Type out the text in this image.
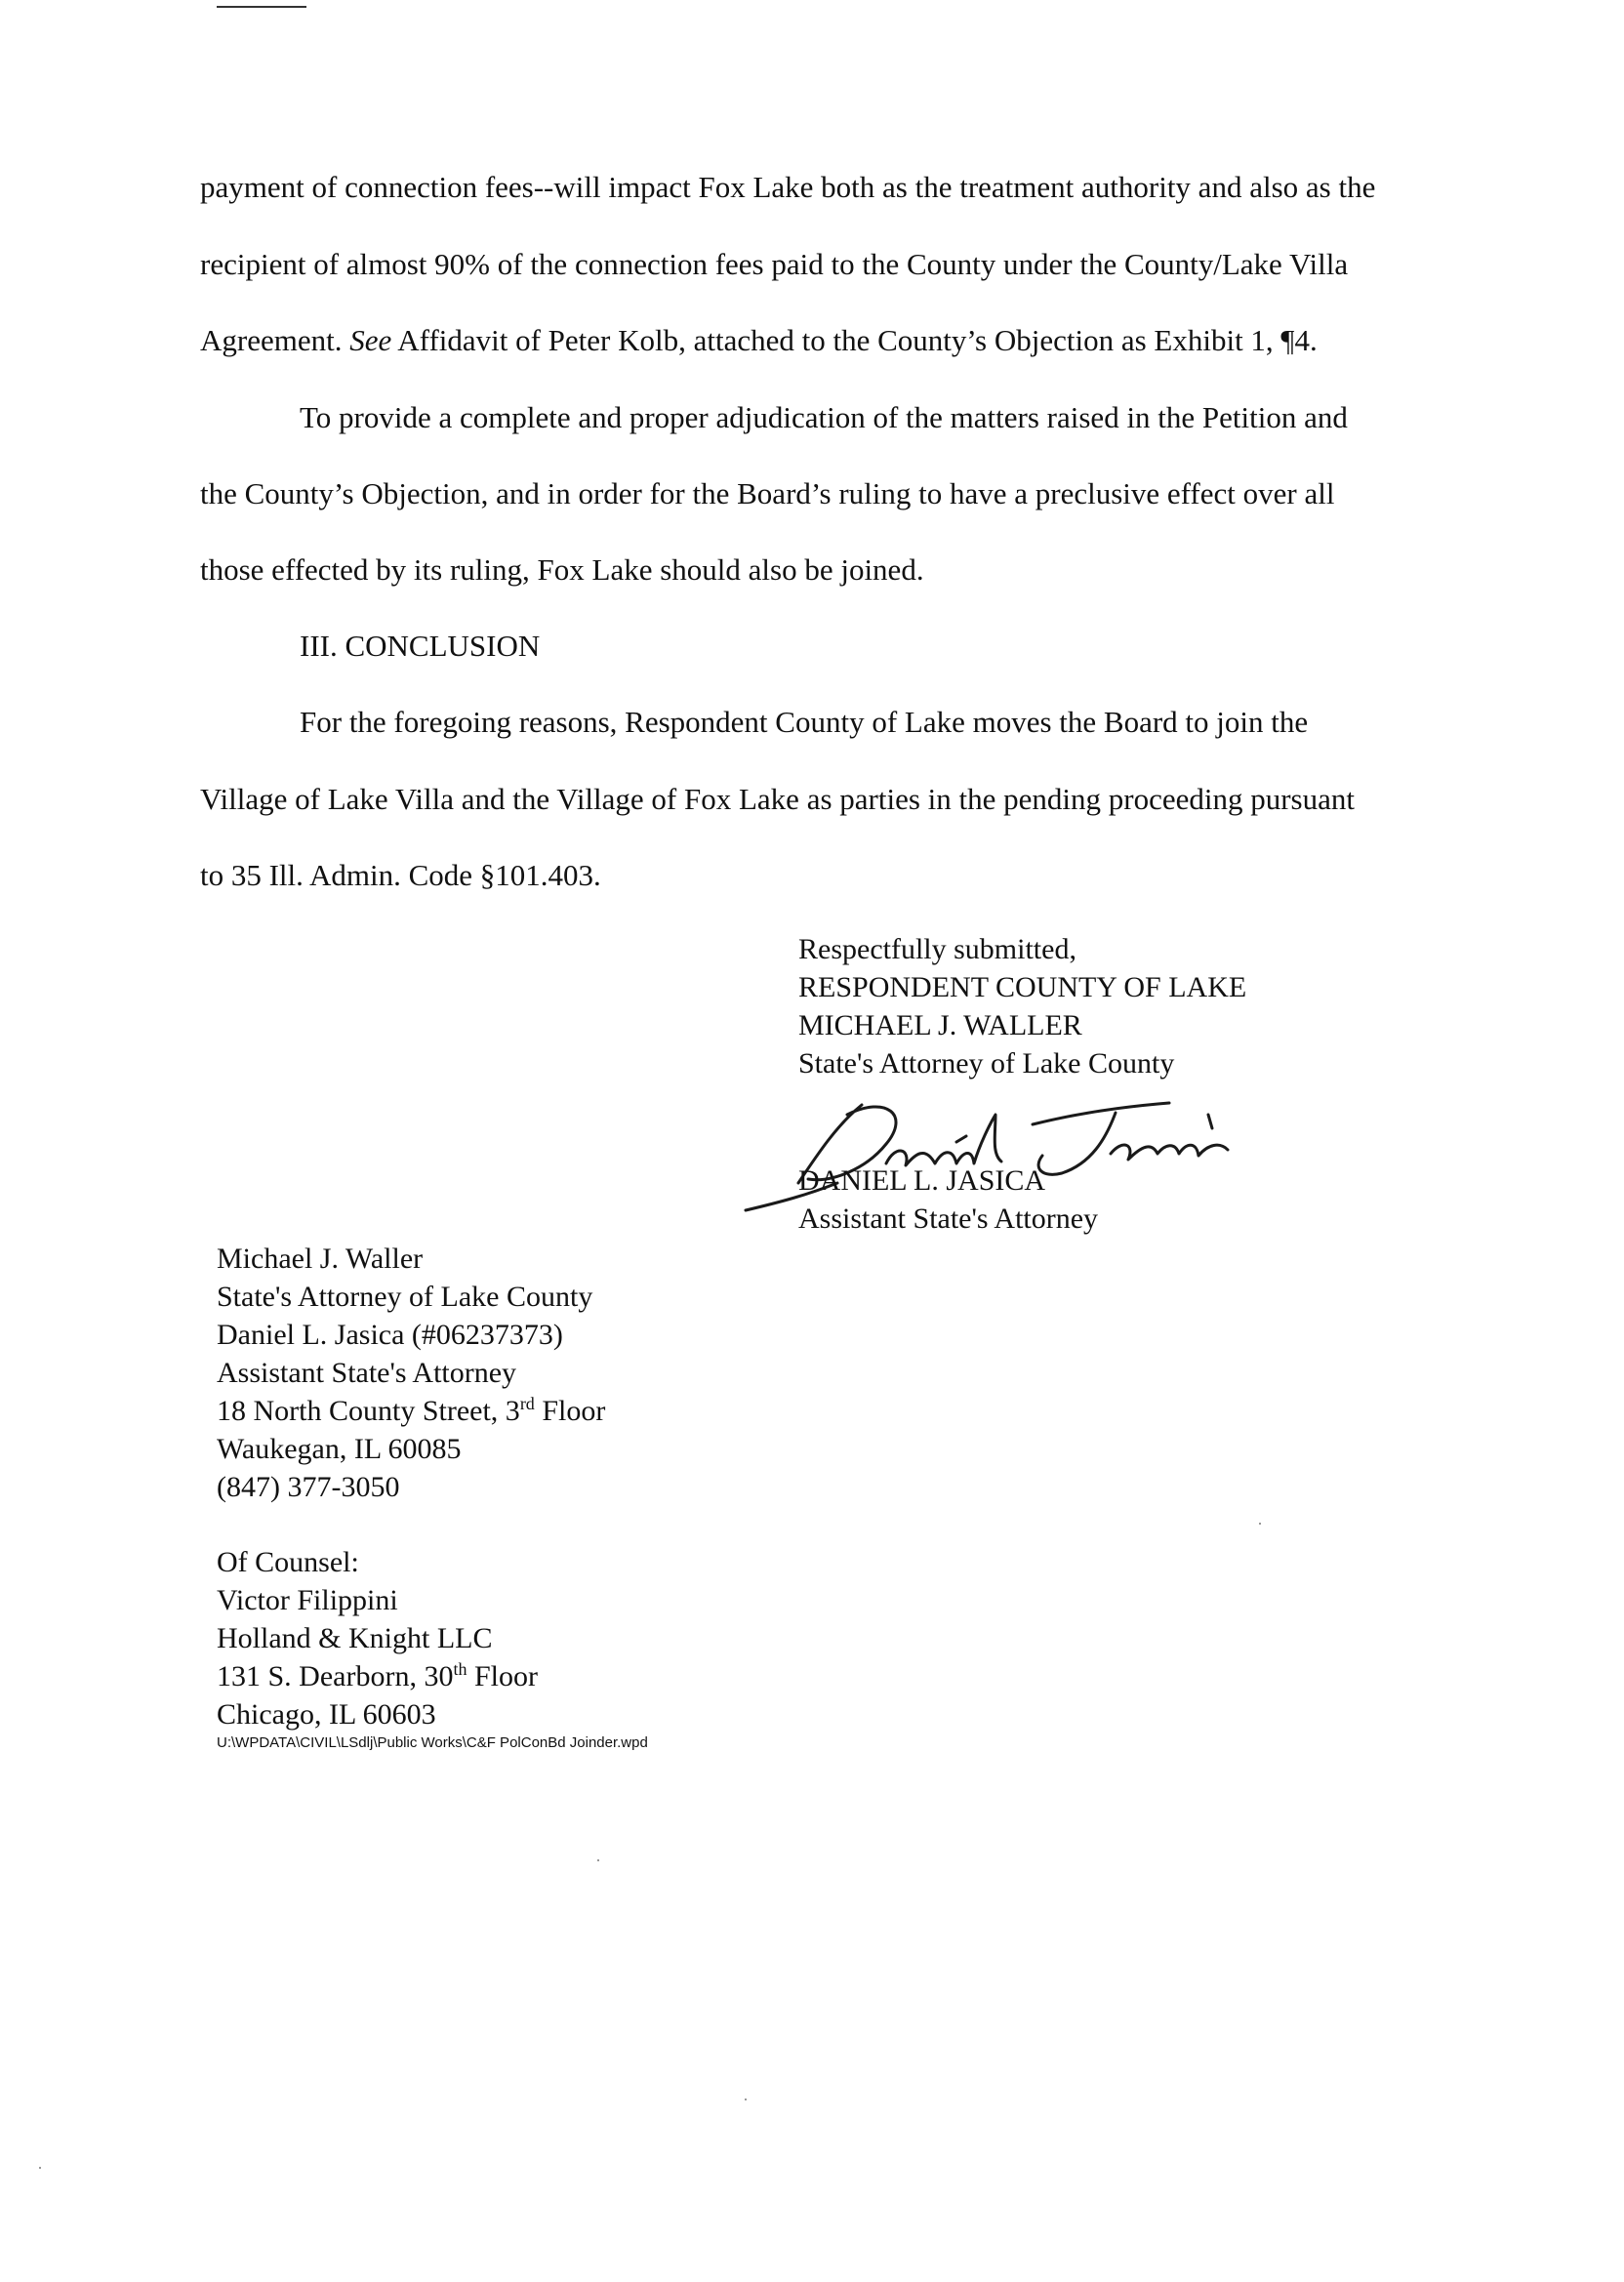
payment of connection fees--will impact Fox Lake both as the treatment authority and also as the
recipient of almost 90% of the connection fees paid to the County under the County/Lake Villa
Agreement. See Affidavit of Peter Kolb, attached to the County’s Objection as Exhibit 1, ¶4.
To provide a complete and proper adjudication of the matters raised in the Petition and
the County’s Objection, and in order for the Board’s ruling to have a preclusive effect over all
those effected by its ruling, Fox Lake should also be joined.
III. CONCLUSION
For the foregoing reasons, Respondent County of Lake moves the Board to join the
Village of Lake Villa and the Village of Fox Lake as parties in the pending proceeding pursuant
to 35 Ill. Admin. Code §101.403.
Respectfully submitted,
RESPONDENT COUNTY OF LAKE
MICHAEL J. WALLER
State's Attorney of Lake County
DANIEL L. JASICA
Assistant State's Attorney
Michael J. Waller
State's Attorney of Lake County
Daniel L. Jasica (#06237373)
Assistant State's Attorney
18 North County Street, 3rd Floor
Waukegan, IL 60085
(847) 377-3050
Of Counsel:
Victor Filippini
Holland & Knight LLC
131 S. Dearborn, 30th Floor
Chicago, IL 60603
U:\WPDATA\CIVIL\LSdlj\Public Works\C&F PolConBd Joinder.wpd
